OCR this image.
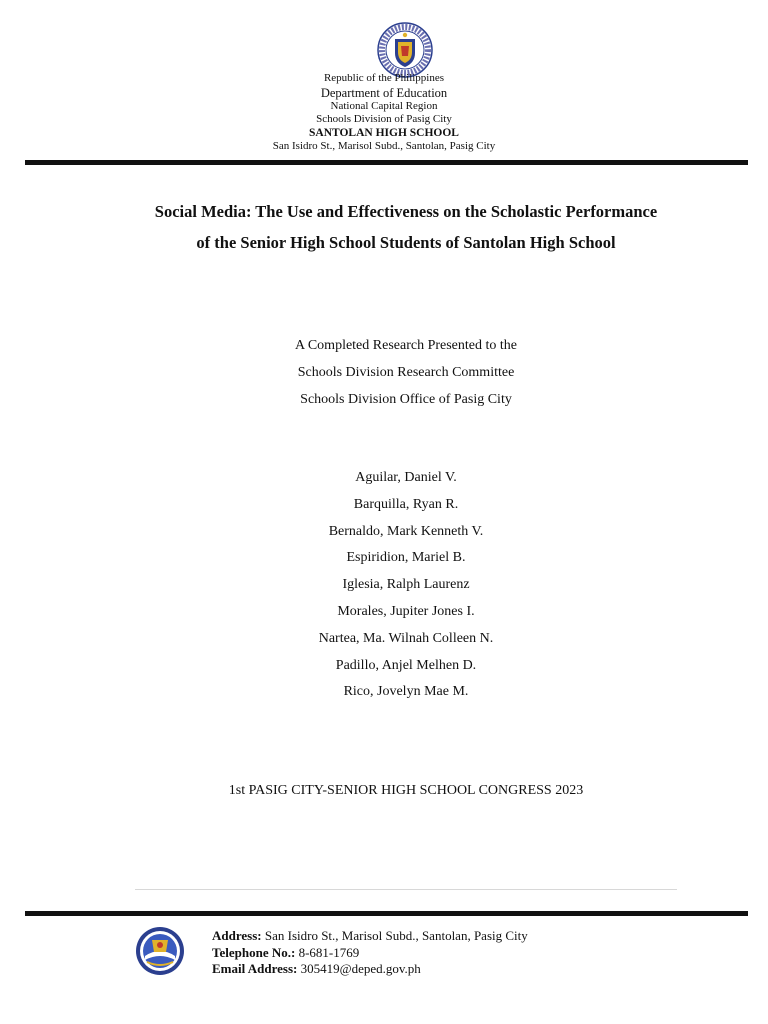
Republic of the Philippines
Department of Education
National Capital Region
Schools Division of Pasig City
SANTOLAN HIGH SCHOOL
San Isidro St., Marisol Subd., Santolan, Pasig City
Social Media: The Use and Effectiveness on the Scholastic Performance
of the Senior High School Students of Santolan High School
A Completed Research Presented to the
Schools Division Research Committee
Schools Division Office of Pasig City
Aguilar, Daniel V.
Barquilla, Ryan R.
Bernaldo, Mark Kenneth V.
Espiridion, Mariel B.
Iglesia, Ralph Laurenz
Morales, Jupiter Jones I.
Nartea, Ma. Wilnah Colleen N.
Padillo, Anjel Melhen D.
Rico, Jovelyn Mae M.
1st PASIG CITY-SENIOR HIGH SCHOOL CONGRESS 2023
Address: San Isidro St., Marisol Subd., Santolan, Pasig City
Telephone No.: 8-681-1769
Email Address: 305419@deped.gov.ph
